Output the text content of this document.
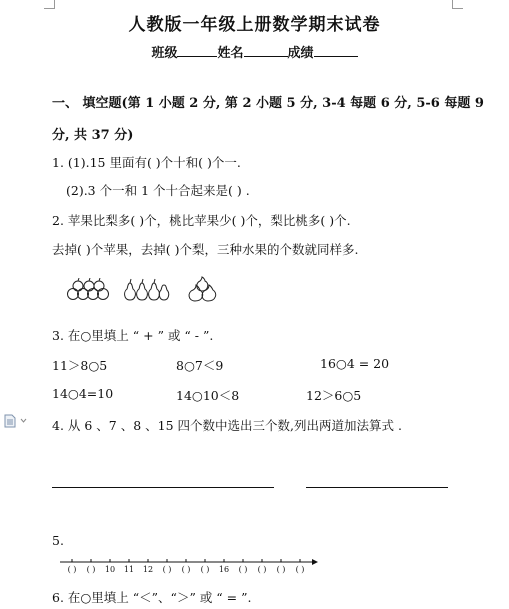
人教版一年级上册数学期末试卷
班级	姓名	成绩
一、 填空题(第 1 小题 2 分, 第 2 小题 5 分, 3-4 每题 6 分, 5-6 每题 9
分, 共 37 分)
1. (1).15 里面有( )个十和( )个一.
(2).3 个一和 1 个十合起来是( ) .
2. 苹果比梨多( )个，桃比苹果少( )个，梨比桃多( )个.
去掉( )个苹果，去掉( )个梨，三种水果的个数就同样多.
3. 在○里填上 “ + ” 或 “ - ”.
11＞8○5	8○7＜9	16○4 = 20
14○4=10	14○10＜8	12＞6○5
4. 从 6 、7 、8 、15 四个数中选出三个数,列出两道加法算式 .
5.
( ) ( ) 10 11 12 ( ) ( ) ( ) 16 ( ) ( ) ( ) ( )
6. 在○里填上 “＜”、“＞” 或 “ = ”.
